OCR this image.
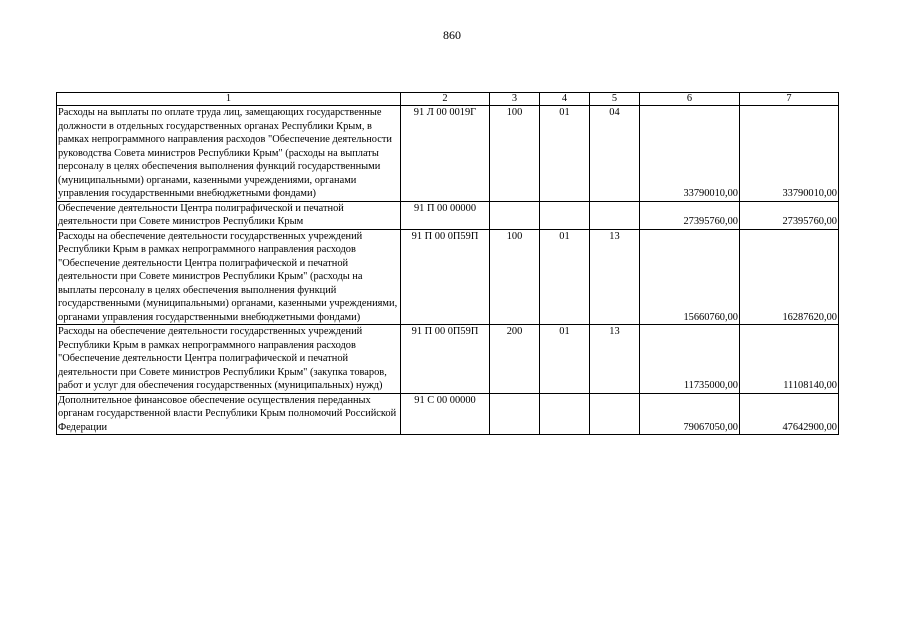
860
1	2	3	4	5	6	7
Расходы на выплаты по оплате труда лиц, замещающих государственные должности в отдельных государственных органах Республики Крым, в рамках непрограммного направления расходов "Обеспечение деятельности руководства Совета министров Республики Крым" (расходы на выплаты персоналу в целях обеспечения выполнения функций государственными (муниципальными) органами, казенными учреждениями, органами управления государственными внебюджетными фондами)	91 Л 00 0019Г	100	01	04	33790010,00	33790010,00
Обеспечение деятельности Центра полиграфической и печатной деятельности при Совете министров Республики Крым	91 П 00 00000				27395760,00	27395760,00
Расходы на обеспечение деятельности государственных учреждений Республики Крым в рамках непрограммного направления расходов "Обеспечение деятельности Центра полиграфической и печатной деятельности при Совете министров Республики Крым" (расходы на выплаты персоналу в целях обеспечения выполнения функций государственными (муниципальными) органами, казенными учреждениями, органами управления государственными внебюджетными фондами)	91 П 00 0П59П	100	01	13	15660760,00	16287620,00
Расходы на обеспечение деятельности государственных учреждений Республики Крым в рамках непрограммного направления расходов "Обеспечение деятельности Центра полиграфической и печатной деятельности при Совете министров Республики Крым" (закупка товаров, работ и услуг для обеспечения государственных (муниципальных) нужд)	91 П 00 0П59П	200	01	13	11735000,00	11108140,00
Дополнительное финансовое обеспечение осуществления переданных органам государственной власти Республики Крым полномочий Российской Федерации	91 С 00 00000				79067050,00	47642900,00
